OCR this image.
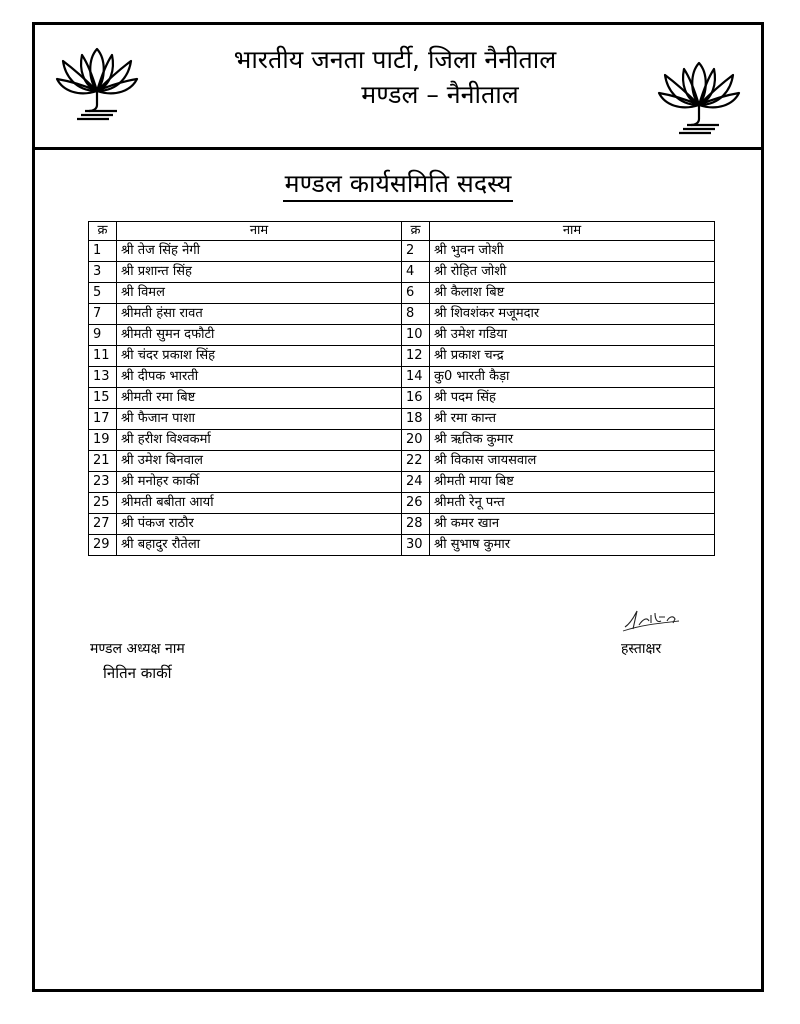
भारतीय जनता पार्टी, जिला नैनीताल
मण्डल – नैनीताल
मण्डल कार्यसमिति सदस्य
क्र	नाम	क्र	नाम
1	श्री तेज सिंह नेगी	2	श्री भुवन जोशी
3	श्री प्रशान्त सिंह	4	श्री रोहित जोशी
5	श्री विमल	6	श्री कैलाश बिष्ट
7	श्रीमती हंसा रावत	8	श्री शिवशंकर मजूमदार
9	श्रीमती सुमन दफौटी	10	श्री उमेश गडिया
11	श्री चंदर प्रकाश सिंह	12	श्री प्रकाश चन्द्र
13	श्री दीपक भारती	14	कु0 भारती कैड़ा
15	श्रीमती रमा बिष्ट	16	श्री पदम सिंह
17	श्री फैजान पाशा	18	श्री रमा कान्त
19	श्री हरीश विश्वकर्मा	20	श्री ऋतिक कुमार
21	श्री उमेश बिनवाल	22	श्री विकास जायसवाल
23	श्री मनोहर कार्की	24	श्रीमती माया बिष्ट
25	श्रीमती बबीता आर्या	26	श्रीमती रेनू पन्त
27	श्री पंकज राठौर	28	श्री कमर खान
29	श्री बहादुर रौतेला	30	श्री सुभाष कुमार
मण्डल अध्यक्ष नाम
नितिन कार्की
हस्ताक्षर
